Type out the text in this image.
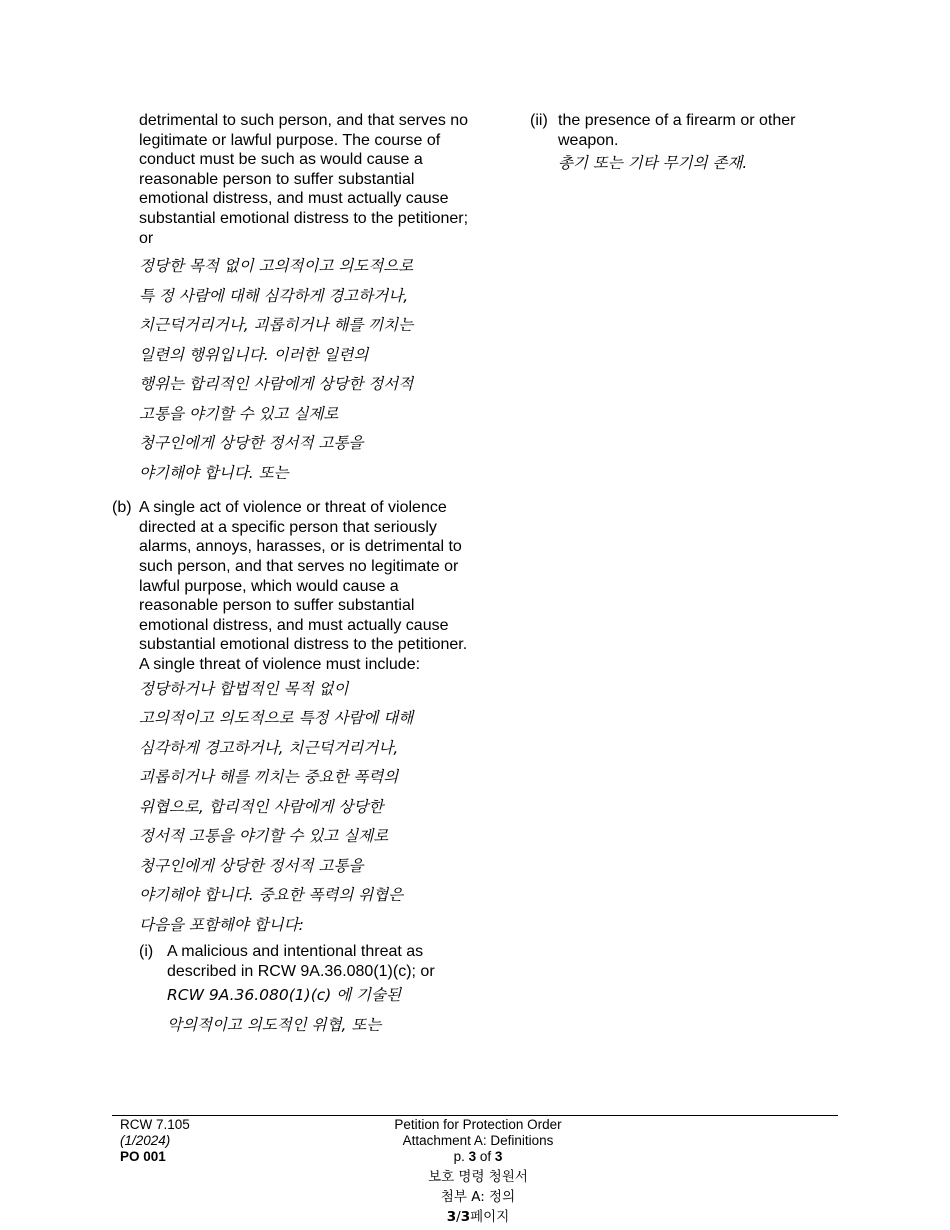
detrimental to such person, and that serves no legitimate or lawful purpose. The course of conduct must be such as would cause a reasonable person to suffer substantial emotional distress, and must actually cause substantial emotional distress to the petitioner; or
정당한 목적 없이 고의적이고 의도적으로
특 정 사람에 대해 심각하게 경고하거나,
치근덕거리거나, 괴롭히거나 해를 끼치는
일련의 행위입니다. 이러한 일련의
행위는 합리적인 사람에게 상당한 정서적
고통을 야기할 수 있고 실제로
청구인에게 상당한 정서적 고통을
야기해야 합니다. 또는
(b) A single act of violence or threat of violence directed at a specific person that seriously alarms, annoys, harasses, or is detrimental to such person, and that serves no legitimate or lawful purpose, which would cause a reasonable person to suffer substantial emotional distress, and must actually cause substantial emotional distress to the petitioner. A single threat of violence must include:
정당하거나 합법적인 목적 없이
고의적이고 의도적으로 특정 사람에 대해
심각하게 경고하거나, 치근덕거리거나,
괴롭히거나 해를 끼치는 중요한 폭력의
위협으로, 합리적인 사람에게 상당한
정서적 고통을 야기할 수 있고 실제로
청구인에게 상당한 정서적 고통을
야기해야 합니다. 중요한 폭력의 위협은
다음을 포함해야 합니다:
(i) A malicious and intentional threat as described in RCW 9A.36.080(1)(c); or
RCW 9A.36.080(1)(c) 에 기술된
악의적이고 의도적인 위협, 또는
(ii) the presence of a firearm or other weapon.
총기 또는 기타 무기의 존재.
RCW 7.105
(1/2024)
PO 001
Petition for Protection Order
Attachment A: Definitions
p. 3 of 3
보호 명령 청원서
첨부 A: 정의
3/3페이지
